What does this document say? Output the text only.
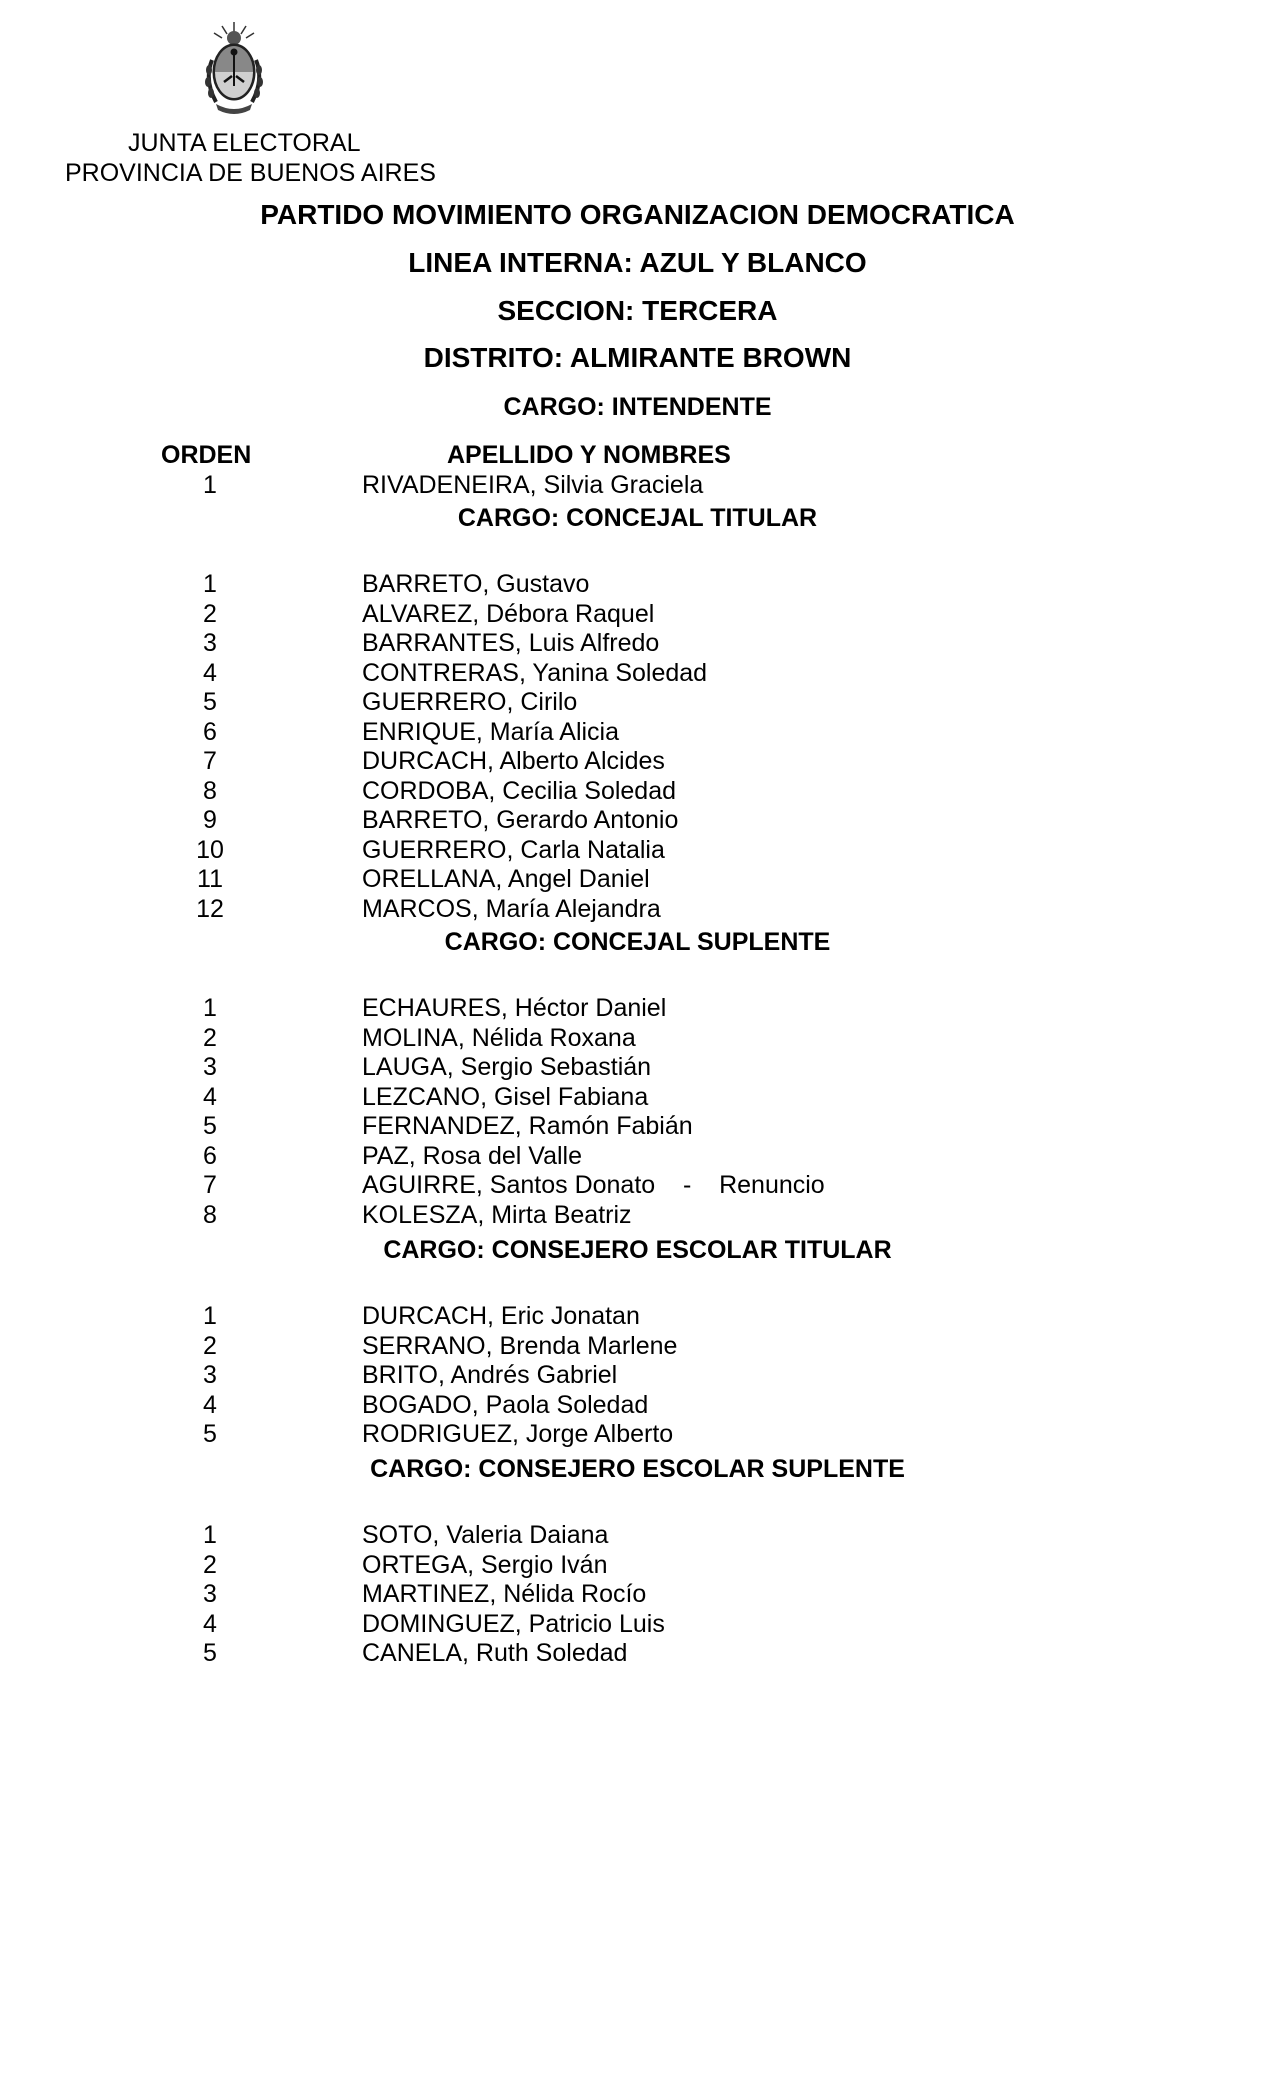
JUNTA ELECTORAL
PROVINCIA DE BUENOS AIRES
PARTIDO MOVIMIENTO ORGANIZACION DEMOCRATICA
LINEA INTERNA: AZUL Y BLANCO
SECCION: TERCERA
DISTRITO: ALMIRANTE BROWN
CARGO: INTENDENTE
ORDEN	APELLIDO Y NOMBRES
1	RIVADENEIRA, Silvia Graciela
CARGO: CONCEJAL TITULAR
1	BARRETO, Gustavo
2	ALVAREZ, Débora Raquel
3	BARRANTES, Luis Alfredo
4	CONTRERAS, Yanina Soledad
5	GUERRERO, Cirilo
6	ENRIQUE, María Alicia
7	DURCACH, Alberto Alcides
8	CORDOBA, Cecilia Soledad
9	BARRETO, Gerardo Antonio
10	GUERRERO, Carla Natalia
11	ORELLANA, Angel Daniel
12	MARCOS, María Alejandra
CARGO: CONCEJAL SUPLENTE
1	ECHAURES, Héctor Daniel
2	MOLINA, Nélida Roxana
3	LAUGA, Sergio Sebastián
4	LEZCANO, Gisel Fabiana
5	FERNANDEZ, Ramón Fabián
6	PAZ, Rosa del Valle
7	AGUIRRE, Santos Donato    -    Renuncio
8	KOLESZA, Mirta Beatriz
CARGO: CONSEJERO ESCOLAR TITULAR
1	DURCACH, Eric Jonatan
2	SERRANO, Brenda Marlene
3	BRITO, Andrés Gabriel
4	BOGADO, Paola Soledad
5	RODRIGUEZ, Jorge Alberto
CARGO: CONSEJERO ESCOLAR SUPLENTE
1	SOTO, Valeria Daiana
2	ORTEGA, Sergio Iván
3	MARTINEZ, Nélida Rocío
4	DOMINGUEZ, Patricio Luis
5	CANELA, Ruth Soledad
